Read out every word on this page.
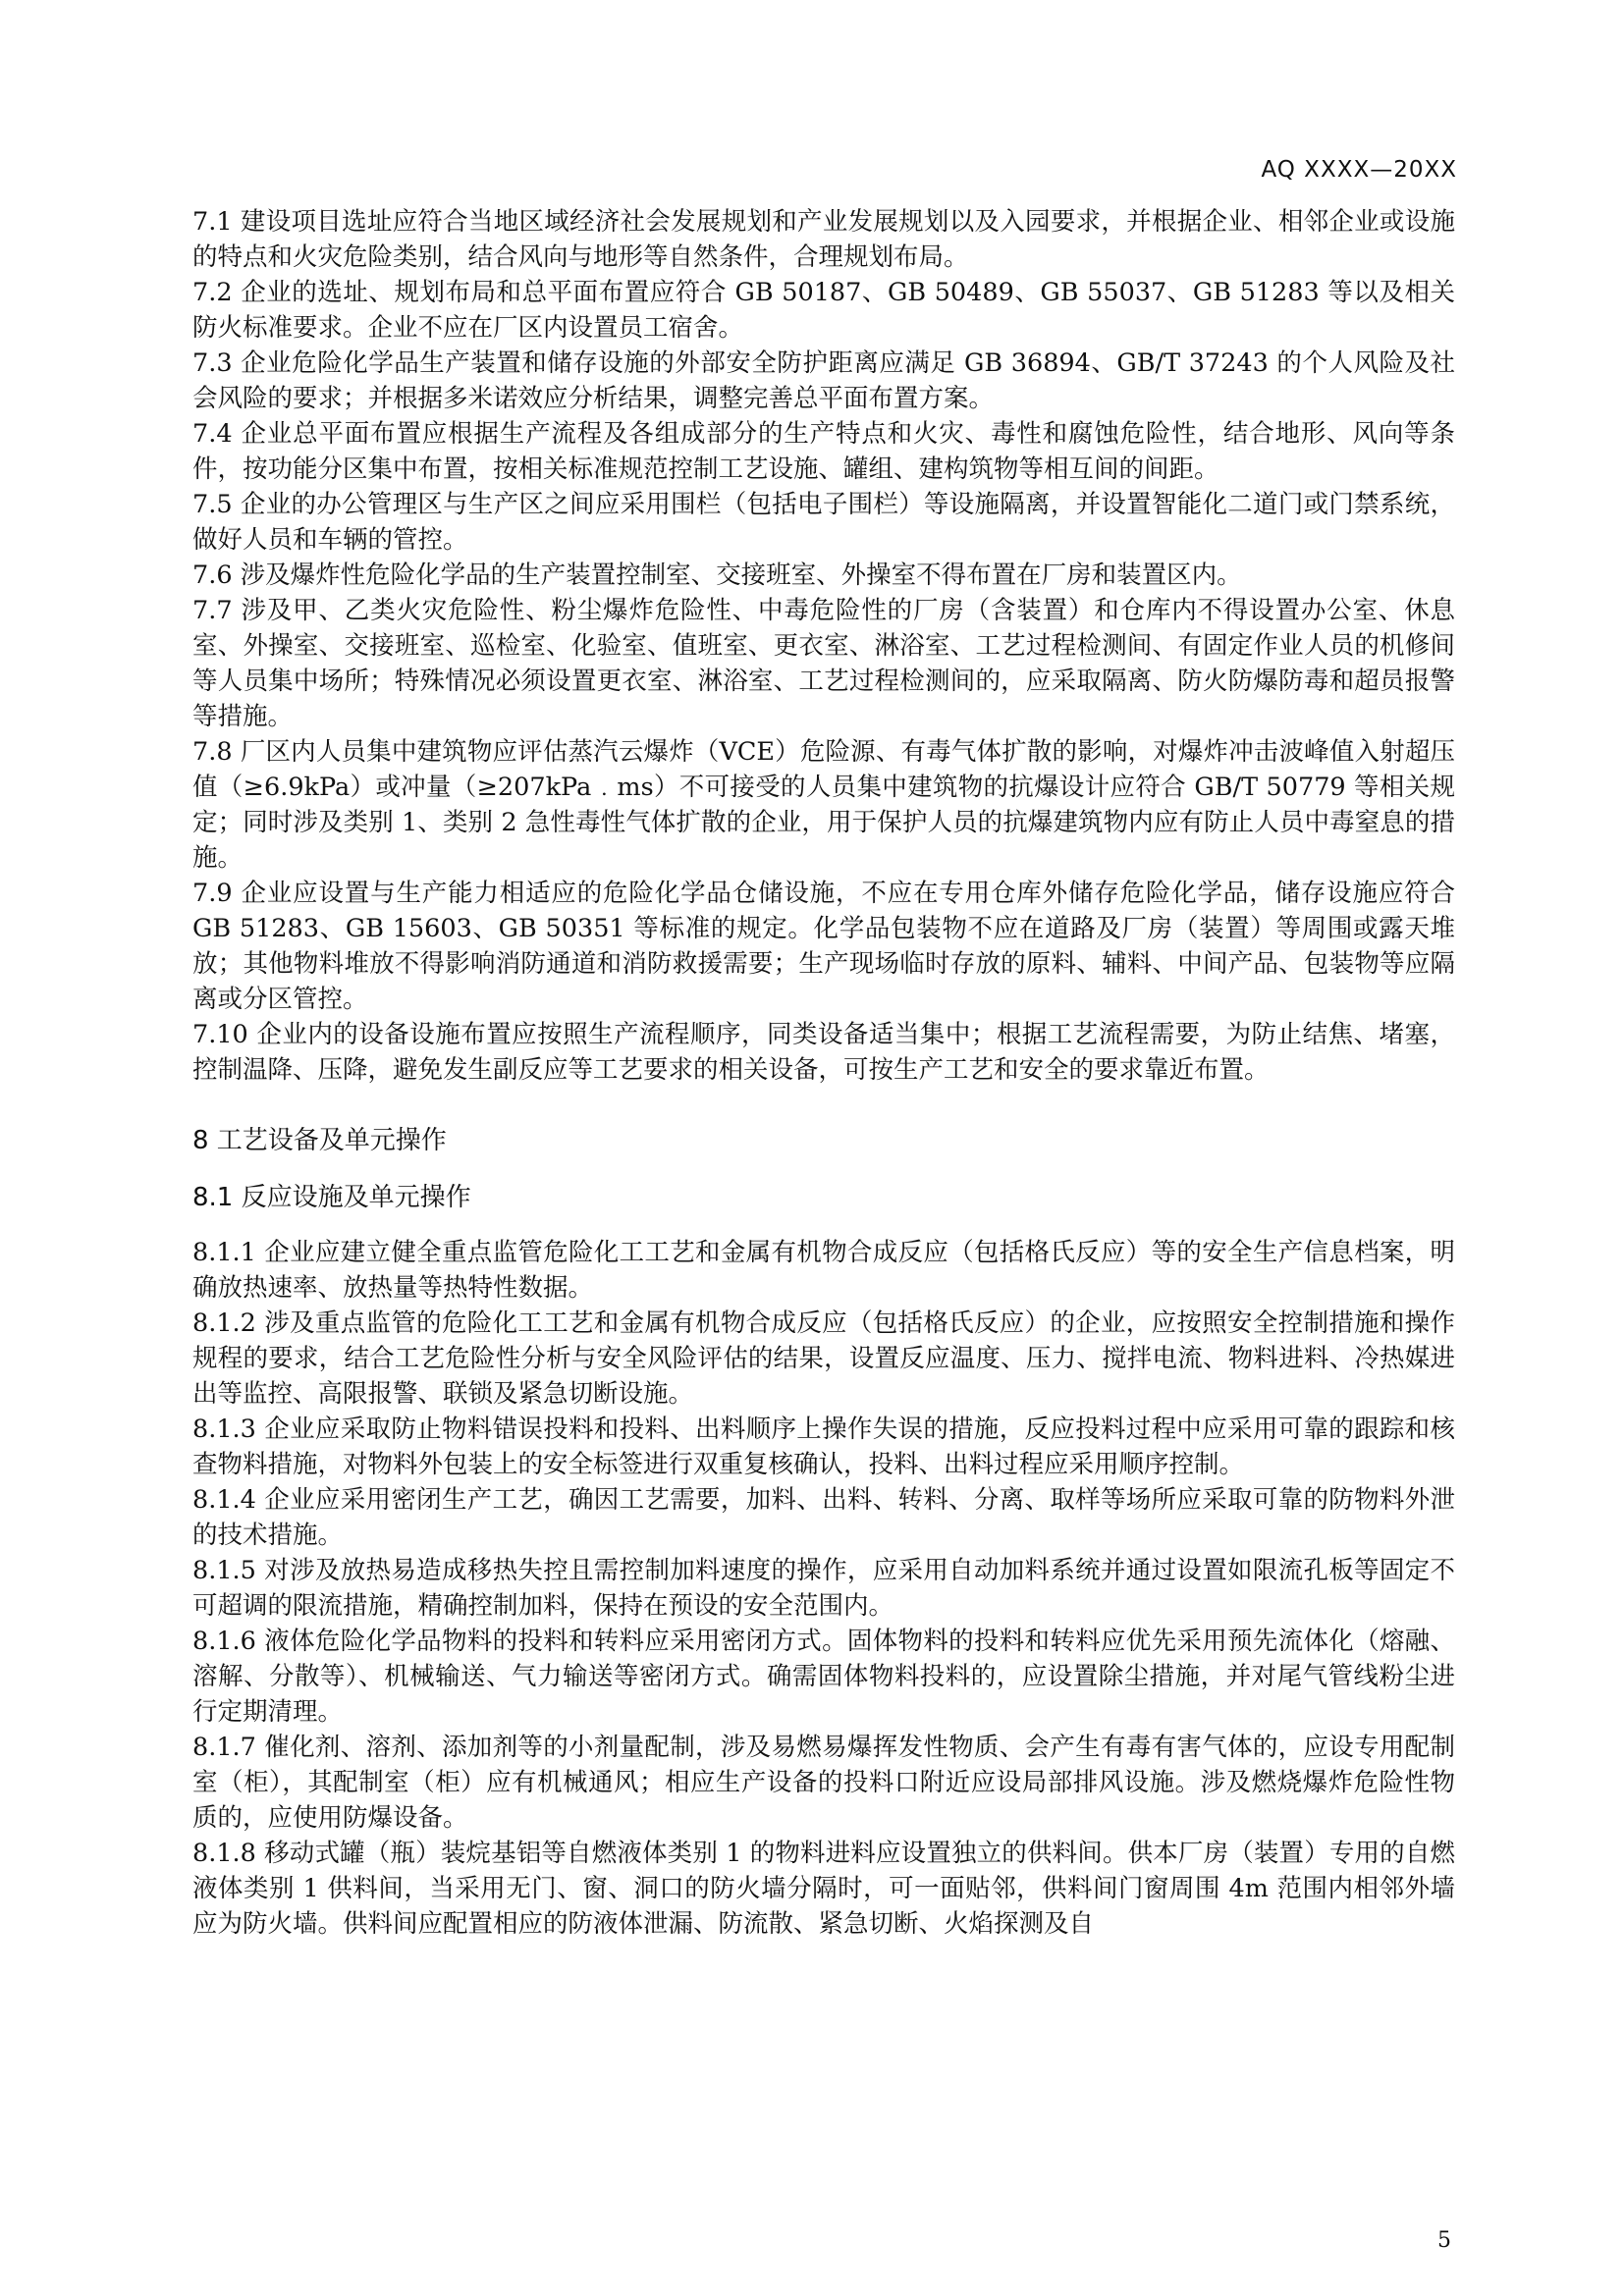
AQ XXXX—20XX

7.1 建设项目选址应符合当地区域经济社会发展规划和产业发展规划以及入园要求，并根据企业、相邻企业或设施的特点和火灾危险类别，结合风向与地形等自然条件，合理规划布局。

7.2 企业的选址、规划布局和总平面布置应符合 GB 50187、GB 50489、GB 55037、GB 51283 等以及相关防火标准要求。企业不应在厂区内设置员工宿舍。

7.3 企业危险化学品生产装置和储存设施的外部安全防护距离应满足 GB 36894、GB/T 37243 的个人风险及社会风险的要求；并根据多米诺效应分析结果，调整完善总平面布置方案。

7.4 企业总平面布置应根据生产流程及各组成部分的生产特点和火灾、毒性和腐蚀危险性，结合地形、风向等条件，按功能分区集中布置，按相关标准规范控制工艺设施、罐组、建构筑物等相互间的间距。

7.5 企业的办公管理区与生产区之间应采用围栏（包括电子围栏）等设施隔离，并设置智能化二道门或门禁系统，做好人员和车辆的管控。

7.6 涉及爆炸性危险化学品的生产装置控制室、交接班室、外操室不得布置在厂房和装置区内。

7.7 涉及甲、乙类火灾危险性、粉尘爆炸危险性、中毒危险性的厂房（含装置）和仓库内不得设置办公室、休息室、外操室、交接班室、巡检室、化验室、值班室、更衣室、淋浴室、工艺过程检测间、有固定作业人员的机修间等人员集中场所；特殊情况必须设置更衣室、淋浴室、工艺过程检测间的，应采取隔离、防火防爆防毒和超员报警等措施。

7.8 厂区内人员集中建筑物应评估蒸汽云爆炸（VCE）危险源、有毒气体扩散的影响，对爆炸冲击波峰值入射超压值（≥6.9kPa）或冲量（≥207kPa﹒ms）不可接受的人员集中建筑物的抗爆设计应符合 GB/T 50779 等相关规定；同时涉及类别 1、类别 2 急性毒性气体扩散的企业，用于保护人员的抗爆建筑物内应有防止人员中毒窒息的措施。

7.9 企业应设置与生产能力相适应的危险化学品仓储设施，不应在专用仓库外储存危险化学品，储存设施应符合 GB 51283、GB 15603、GB 50351 等标准的规定。化学品包装物不应在道路及厂房（装置）等周围或露天堆放；其他物料堆放不得影响消防通道和消防救援需要；生产现场临时存放的原料、辅料、中间产品、包装物等应隔离或分区管控。

7.10 企业内的设备设施布置应按照生产流程顺序，同类设备适当集中；根据工艺流程需要，为防止结焦、堵塞，控制温降、压降，避免发生副反应等工艺要求的相关设备，可按生产工艺和安全的要求靠近布置。

8 工艺设备及单元操作
8.1 反应设施及单元操作

8.1.1 企业应建立健全重点监管危险化工工艺和金属有机物合成反应（包括格氏反应）等的安全生产信息档案，明确放热速率、放热量等热特性数据。

8.1.2 涉及重点监管的危险化工工艺和金属有机物合成反应（包括格氏反应）的企业，应按照安全控制措施和操作规程的要求，结合工艺危险性分析与安全风险评估的结果，设置反应温度、压力、搅拌电流、物料进料、冷热媒进出等监控、高限报警、联锁及紧急切断设施。

8.1.3 企业应采取防止物料错误投料和投料、出料顺序上操作失误的措施，反应投料过程中应采用可靠的跟踪和核查物料措施，对物料外包装上的安全标签进行双重复核确认，投料、出料过程应采用顺序控制。

8.1.4 企业应采用密闭生产工艺，确因工艺需要，加料、出料、转料、分离、取样等场所应采取可靠的防物料外泄的技术措施。

8.1.5 对涉及放热易造成移热失控且需控制加料速度的操作，应采用自动加料系统并通过设置如限流孔板等固定不可超调的限流措施，精确控制加料，保持在预设的安全范围内。

8.1.6 液体危险化学品物料的投料和转料应采用密闭方式。固体物料的投料和转料应优先采用预先流体化（熔融、溶解、分散等）、机械输送、气力输送等密闭方式。确需固体物料投料的，应设置除尘措施，并对尾气管线粉尘进行定期清理。

8.1.7 催化剂、溶剂、添加剂等的小剂量配制，涉及易燃易爆挥发性物质、会产生有毒有害气体的，应设专用配制室（柜），其配制室（柜）应有机械通风；相应生产设备的投料口附近应设局部排风设施。涉及燃烧爆炸危险性物质的，应使用防爆设备。

8.1.8 移动式罐（瓶）装烷基铝等自燃液体类别 1 的物料进料应设置独立的供料间。供本厂房（装置）专用的自燃液体类别 1 供料间，当采用无门、窗、洞口的防火墙分隔时，可一面贴邻，供料间门窗周围 4m 范围内相邻外墙应为防火墙。供料间应配置相应的防液体泄漏、防流散、紧急切断、火焰探测及自

5
